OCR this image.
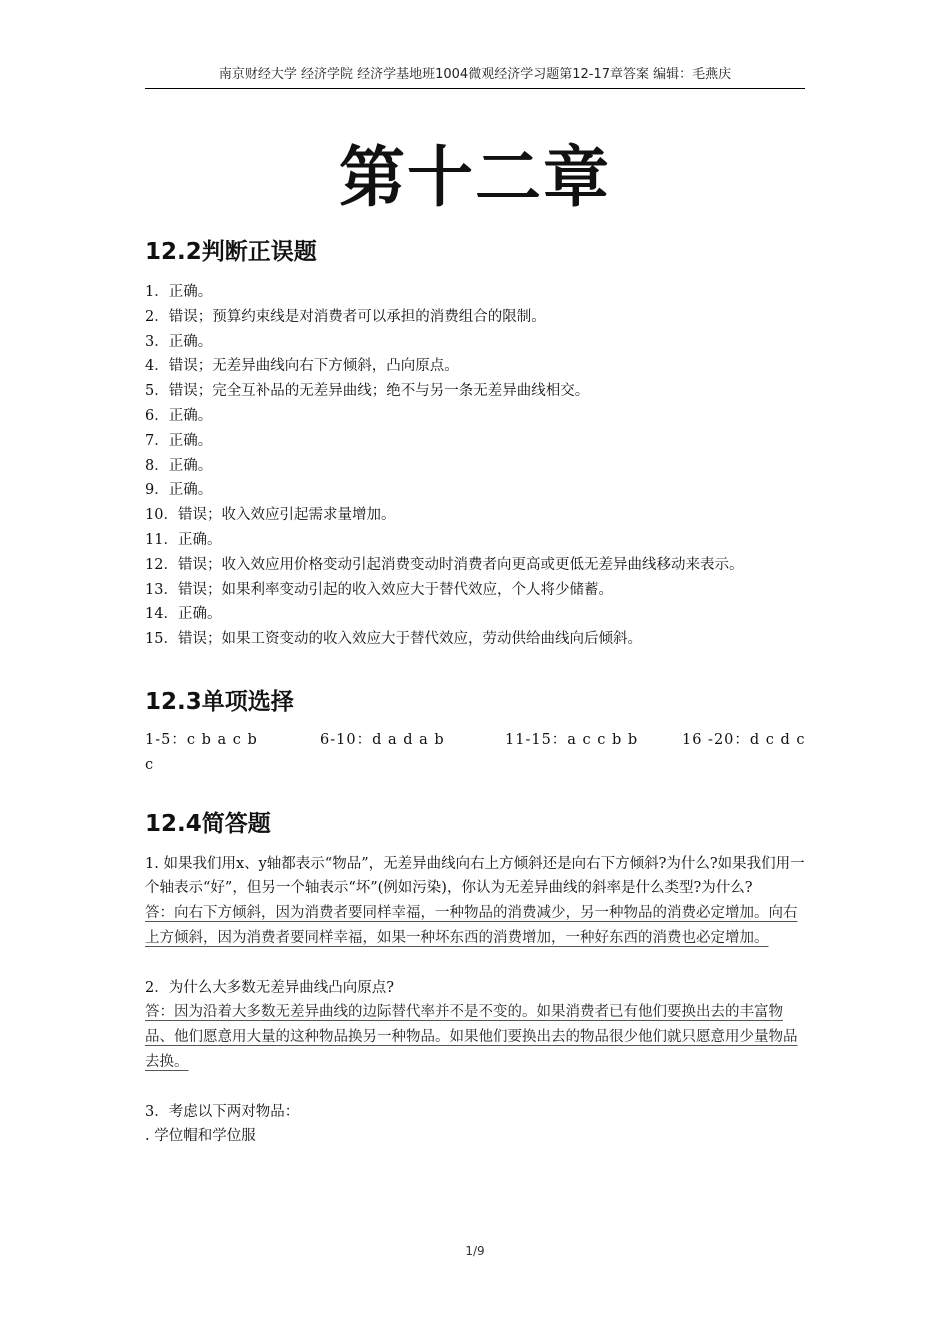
南京财经大学 经济学院 经济学基地班1004微观经济学习题第12-17章答案 编辑：毛燕庆
第十二章
12.2判断正误题
1．正确。
2．错误；预算约束线是对消费者可以承担的消费组合的限制。
3．正确。
4．错误；无差异曲线向右下方倾斜，凸向原点。
5．错误；完全互补品的无差异曲线；绝不与另一条无差异曲线相交。
6．正确。
7．正确。
8．正确。
9．正确。
10．错误；收入效应引起需求量增加。
11．正确。
12．错误；收入效应用价格变动引起消费变动时消费者向更高或更低无差异曲线移动来表示。
13．错误；如果利率变动引起的收入效应大于替代效应，个人将少储蓄。
14．正确。
15．错误；如果工资变动的收入效应大于替代效应，劳动供给曲线向后倾斜。
12.3单项选择
1-5：c b a c b	6-10：d a d a b	11-15：a c c b b	16 -20：d c d c
c
12.4简答题
1. 如果我们用x、y轴都表示“物品”，无差异曲线向右上方倾斜还是向右下方倾斜?为什么?如果我们用一个轴表示“好”，但另一个轴表示“坏”(例如污染)，你认为无差异曲线的斜率是什么类型?为什么?
答：向右下方倾斜，因为消费者要同样幸福，一种物品的消费减少，另一种物品的消费必定增加。向右上方倾斜，因为消费者要同样幸福，如果一种坏东西的消费增加，一种好东西的消费也必定增加。
2．为什么大多数无差异曲线凸向原点?
答：因为沿着大多数无差异曲线的边际替代率并不是不变的。如果消费者已有他们要换出去的丰富物品、他们愿意用大量的这种物品换另一种物品。如果他们要换出去的物品很少他们就只愿意用少量物品去换。
3．考虑以下两对物品：
. 学位帽和学位服
1/9
